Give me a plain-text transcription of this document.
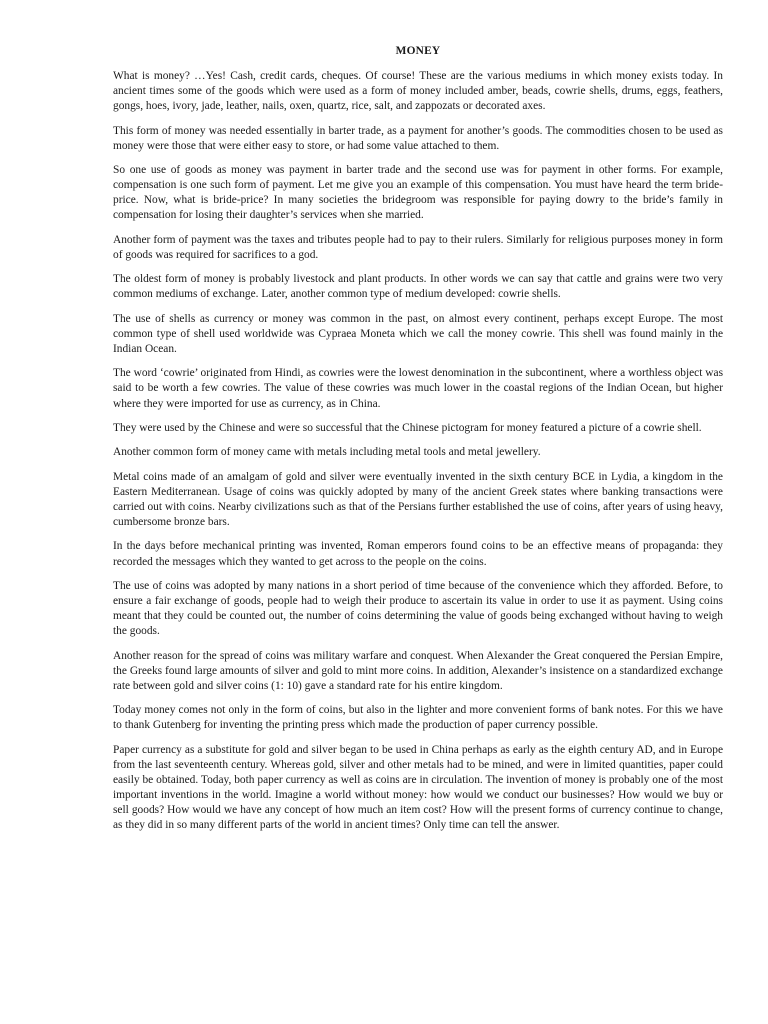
MONEY

What is money? …Yes! Cash, credit cards, cheques. Of course! These are the various mediums in which money exists today. In ancient times some of the goods which were used as a form of money included amber, beads, cowrie shells, drums, eggs, feathers, gongs, hoes, ivory, jade, leather, nails, oxen, quartz, rice, salt, and zappozats or decorated axes.

This form of money was needed essentially in barter trade, as a payment for another’s goods. The commodities chosen to be used as money were those that were either easy to store, or had some value attached to them.

So one use of goods as money was payment in barter trade and the second use was for payment in other forms. For example, compensation is one such form of payment. Let me give you an example of this compensation. You must have heard the term bride-price. Now, what is bride-price? In many societies the bridegroom was responsible for paying dowry to the bride’s family in compensation for losing their daughter’s services when she married.

Another form of payment was the taxes and tributes people had to pay to their rulers. Similarly for religious purposes money in form of goods was required for sacrifices to a god.

The oldest form of money is probably livestock and plant products. In other words we can say that cattle and grains were two very common mediums of exchange. Later, another common type of medium developed: cowrie shells.

The use of shells as currency or money was common in the past, on almost every continent, perhaps except Europe. The most common type of shell used worldwide was Cypraea Moneta which we call the money cowrie. This shell was found mainly in the Indian Ocean.

The word ‘cowrie’ originated from Hindi, as cowries were the lowest denomination in the subcontinent, where a worthless object was said to be worth a few cowries. The value of these cowries was much lower in the coastal regions of the Indian Ocean, but higher where they were imported for use as currency, as in China.

They were used by the Chinese and were so successful that the Chinese pictogram for money featured a picture of a cowrie shell.

Another common form of money came with metals including metal tools and metal jewellery.

Metal coins made of an amalgam of gold and silver were eventually invented in the sixth century BCE in Lydia, a kingdom in the Eastern Mediterranean. Usage of coins was quickly adopted by many of the ancient Greek states where banking transactions were carried out with coins. Nearby civilizations such as that of the Persians further established the use of coins, after years of using heavy, cumbersome bronze bars.

In the days before mechanical printing was invented, Roman emperors found coins to be an effective means of propaganda: they recorded the messages which they wanted to get across to the people on the coins.

The use of coins was adopted by many nations in a short period of time because of the convenience which they afforded. Before, to ensure a fair exchange of goods, people had to weigh their produce to ascertain its value in order to use it as payment. Using coins meant that they could be counted out, the number of coins determining the value of goods being exchanged without having to weigh the goods.

Another reason for the spread of coins was military warfare and conquest. When Alexander the Great conquered the Persian Empire, the Greeks found large amounts of silver and gold to mint more coins. In addition, Alexander’s insistence on a standardized exchange rate between gold and silver coins (1: 10) gave a standard rate for his entire kingdom.

Today money comes not only in the form of coins, but also in the lighter and more convenient forms of bank notes. For this we have to thank Gutenberg for inventing the printing press which made the production of paper currency possible.

Paper currency as a substitute for gold and silver began to be used in China perhaps as early as the eighth century AD, and in Europe from the last seventeenth century. Whereas gold, silver and other metals had to be mined, and were in limited quantities, paper could easily be obtained. Today, both paper currency as well as coins are in circulation. The invention of money is probably one of the most important inventions in the world. Imagine a world without money: how would we conduct our businesses? How would we buy or sell goods? How would we have any concept of how much an item cost? How will the present forms of currency continue to change, as they did in so many different parts of the world in ancient times? Only time can tell the answer.
